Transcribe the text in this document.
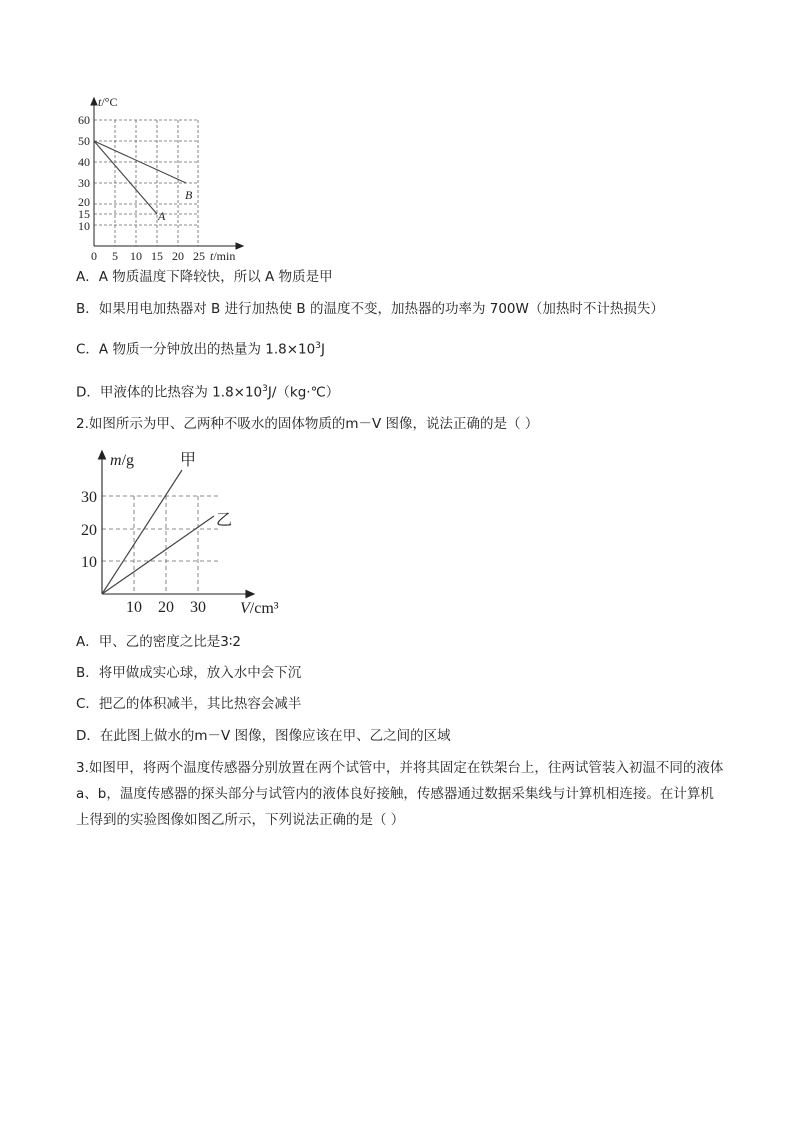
t/°C
60
50
40
30
20
15
10
0 5 10 15 20 25 t/min
A
B
A．A 物质温度下降较快，所以 A 物质是甲
B．如果用电加热器对 B 进行加热使 B 的温度不变，加热器的功率为 700W（加热时不计热损失）
C．A 物质一分钟放出的热量为 $1.8\times 10^3J$
D．甲液体的比热容为 $1.8\times 10^3J/(kg\cdot℃)$
2.如图所示为甲、乙两种不吸水的固体物质的m－V 图像，说法正确的是（ ）
m/g	甲
乙
30
20
10
10 20 30 V/cm³
A．甲、乙的密度之比是3∶2
B．将甲做成实心球，放入水中会下沉
C．把乙的体积减半，其比热容会减半
D．在此图上做水的m－V 图像，图像应该在甲、乙之间的区域
3.如图甲，将两个温度传感器分别放置在两个试管中，并将其固定在铁架台上，往两试管装入初温不同的液体 a、b，温度传感器的探头部分与试管内的液体良好接触，传感器通过数据采集线与计算机相连接。在计算机上得到的实验图像如图乙所示，下列说法正确的是（ ）
